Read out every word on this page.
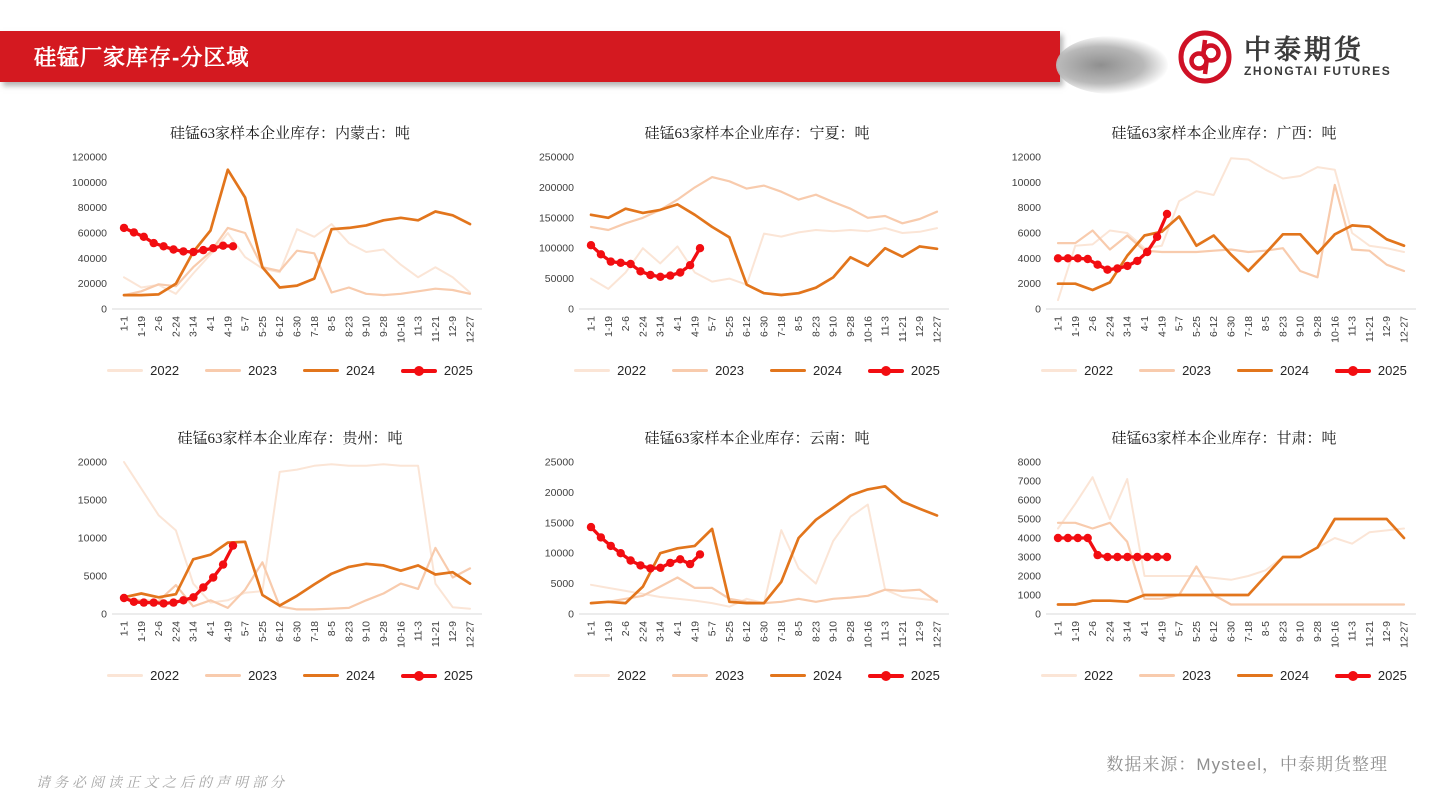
硅锰厂家库存-分区域	中泰期货
ZHONGTAI FUTURES
硅锰63家样本企业库存：内蒙古：吨
0
20000
40000
60000
80000
100000
120000
1-1 1-19 2-6 2-24 3-14 4-1 4-19 5-7 5-25 6-12 6-30 7-18 8-5 8-23 9-10 9-28 10-16 11-3 11-21 12-9 12-27
2022	2023	2024	2025
硅锰63家样本企业库存：宁夏：吨
0
50000
100000
150000
200000
250000
1-1 1-19 2-6 2-24 3-14 4-1 4-19 5-7 5-25 6-12 6-30 7-18 8-5 8-23 9-10 9-28 10-16 11-3 11-21 12-9 12-27
2022	2023	2024	2025
硅锰63家样本企业库存：广西：吨
0
2000
4000
6000
8000
10000
12000
1-1 1-19 2-6 2-24 3-14 4-1 4-19 5-7 5-25 6-12 6-30 7-18 8-5 8-23 9-10 9-28 10-16 11-3 11-21 12-9 12-27
2022	2023	2024	2025
硅锰63家样本企业库存：贵州：吨
0
5000
10000
15000
20000
1-1 1-19 2-6 2-24 3-14 4-1 4-19 5-7 5-25 6-12 6-30 7-18 8-5 8-23 9-10 9-28 10-16 11-3 11-21 12-9 12-27
2022	2023	2024	2025
硅锰63家样本企业库存：云南：吨
0
5000
10000
15000
20000
25000
1-1 1-19 2-6 2-24 3-14 4-1 4-19 5-7 5-25 6-12 6-30 7-18 8-5 8-23 9-10 9-28 10-16 11-3 11-21 12-9 12-27
2022	2023	2024	2025
硅锰63家样本企业库存：甘肃：吨
0
1000
2000
3000
4000
5000
6000
7000
8000
1-1 1-19 2-6 2-24 3-14 4-1 4-19 5-7 5-25 6-12 6-30 7-18 8-5 8-23 9-10 9-28 10-16 11-3 11-21 12-9 12-27
2022	2023	2024	2025
请务必阅读正文之后的声明部分
数据来源：Mysteel，中泰期货整理
